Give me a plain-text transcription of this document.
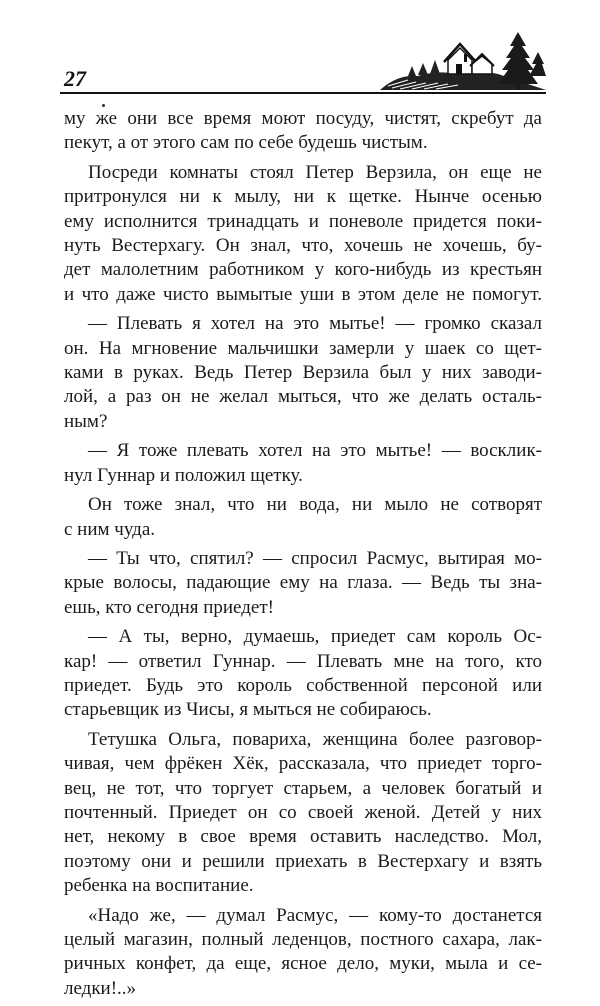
27

му же они все время моют посуду, чистят, скребут да
пекут, а от этого сам по себе будешь чистым.

Посреди комнаты стоял Петер Верзила, он еще не
притронулся ни к мылу, ни к щетке. Нынче осенью
ему исполнится тринадцать и поневоле придется поки-
нуть Вестерхагу. Он знал, что, хочешь не хочешь, бу-
дет малолетним работником у кого-нибудь из крестьян
и что даже чисто вымытые уши в этом деле не помогут.

— Плевать я хотел на это мытье! — громко сказал
он. На мгновение мальчишки замерли у шаек со щет-
ками в руках. Ведь Петер Верзила был у них заводи-
лой, а раз он не желал мыться, что же делать осталь-
ным?

— Я тоже плевать хотел на это мытье! — восклик-
нул Гуннар и положил щетку.

Он тоже знал, что ни вода, ни мыло не сотворят
с ним чуда.

— Ты что, спятил? — спросил Расмус, вытирая мо-
крые волосы, падающие ему на глаза. — Ведь ты зна-
ешь, кто сегодня приедет!

— А ты, верно, думаешь, приедет сам король Ос-
кар! — ответил Гуннар. — Плевать мне на того, кто
приедет. Будь это король собственной персоной или
старьевщик из Чисы, я мыться не собираюсь.

Тетушка Ольга, повариха, женщина более разговор-
чивая, чем фрёкен Хёк, рассказала, что приедет торго-
вец, не тот, что торгует старьем, а человек богатый и
почтенный. Приедет он со своей женой. Детей у них
нет, некому в свое время оставить наследство. Мол,
поэтому они и решили приехать в Вестерхагу и взять
ребенка на воспитание.

«Надо же, — думал Расмус, — кому-то достанется
целый магазин, полный леденцов, постного сахара, лак-
ричных конфет, да еще, ясное дело, муки, мыла и се-
ледки!..»
